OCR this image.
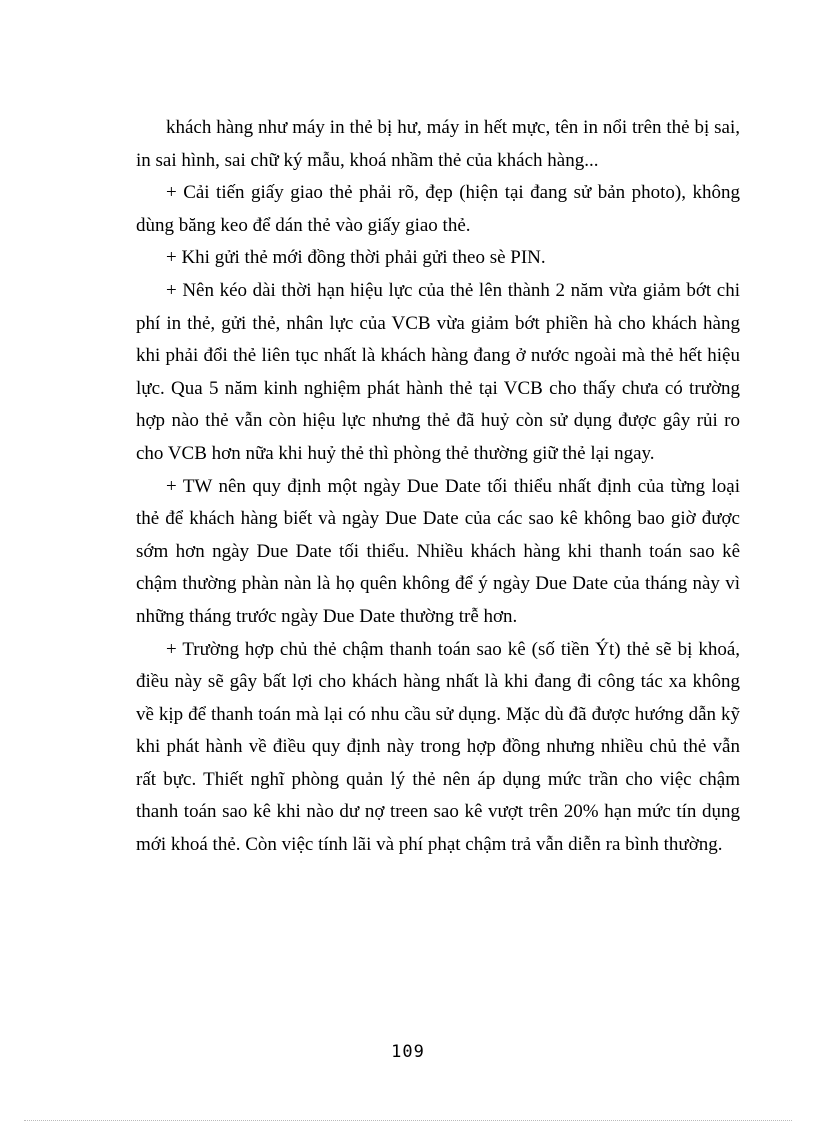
khách hàng như máy in thẻ bị hư, máy in hết mực, tên in nổi trên thẻ bị sai, in sai hình, sai chữ ký mẫu, khoá nhầm thẻ của khách hàng...

+ Cải tiến giấy giao thẻ phải rõ, đẹp (hiện tại đang sử bản photo), không dùng băng keo để dán thẻ vào giấy giao thẻ.

+ Khi gửi thẻ mới đồng thời phải gửi theo sè PIN.

+ Nên kéo dài thời hạn hiệu lực của thẻ lên thành 2 năm vừa giảm bớt chi phí in thẻ, gửi thẻ, nhân lực của VCB vừa giảm bớt phiền hà cho khách hàng khi phải đổi thẻ liên tục nhất là khách hàng đang ở nước ngoài mà thẻ hết hiệu lực. Qua 5 năm kinh nghiệm phát hành thẻ tại VCB cho thấy chưa có trường hợp nào thẻ vẫn còn hiệu lực nhưng thẻ đã huỷ còn sử dụng được gây rủi ro cho VCB hơn nữa khi huỷ thẻ thì phòng thẻ thường giữ thẻ lại ngay.

+ TW nên quy định một ngày Due Date tối thiểu nhất định của từng loại thẻ để khách hàng biết và ngày Due Date của các sao kê không bao giờ được sớm hơn ngày Due Date tối thiểu. Nhiều khách hàng khi thanh toán sao kê chậm thường phàn nàn là họ quên không để ý ngày Due Date của tháng này vì những tháng trước ngày Due Date thường trễ hơn.

+ Trường hợp chủ thẻ chậm thanh toán sao kê (số tiền Ýt) thẻ sẽ bị khoá, điều này sẽ gây bất lợi cho khách hàng nhất là khi đang đi công tác xa không về kịp để thanh toán mà lại có nhu cầu sử dụng. Mặc dù đã được hướng dẫn kỹ khi phát hành về điều quy định này trong hợp đồng nhưng nhiều chủ thẻ vẫn rất bực. Thiết nghĩ phòng quản lý thẻ nên áp dụng mức trần cho việc chậm thanh toán sao kê khi nào dư nợ treen sao kê vượt trên 20% hạn mức tín dụng mới khoá thẻ. Còn việc tính lãi và phí phạt chậm trả vẫn diễn ra bình thường.

109
